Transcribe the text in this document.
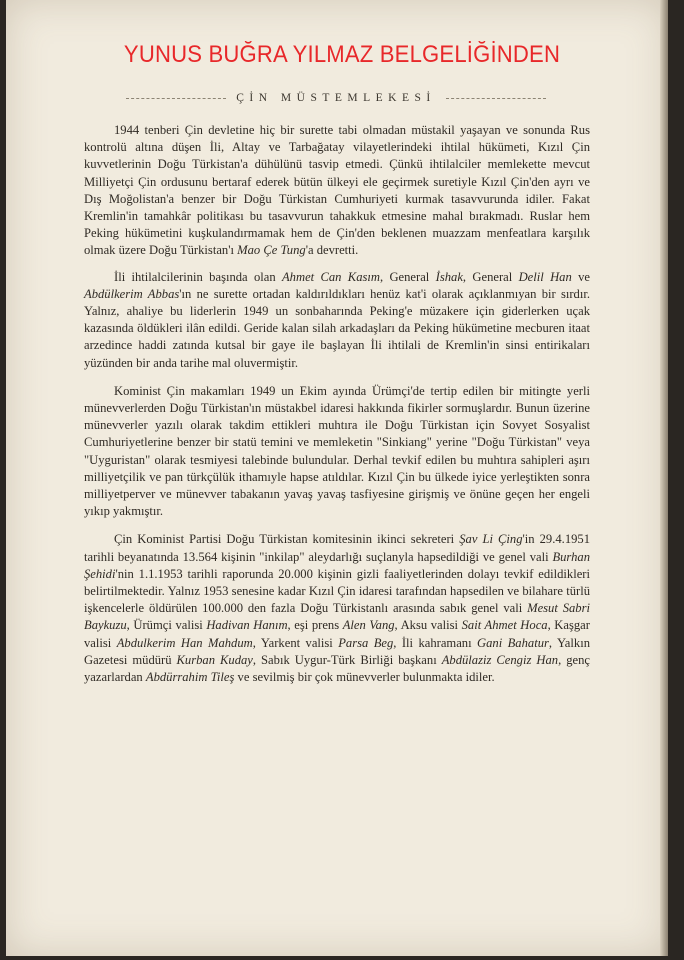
YUNUS BUĞRA YILMAZ BELGELİĞİNDEN
ÇİN MÜSTEMLEKESİ

1944 tenberi Çin devletine hiç bir surette tabi olmadan müstakil yaşayan ve sonunda Rus kontrolü altına düşen İli, Altay ve Tarbağatay vilayetlerindeki ihtilal hükümeti, Kızıl Çin kuvvetlerinin Doğu Türkistan'a dühülünü tasvip etmedi. Çünkü ihtilalciler memlekette mevcut Milliyetçi Çin ordusunu bertaraf ederek bütün ülkeyi ele geçirmek suretiyle Kızıl Çin'den ayrı ve Dış Moğolistan'a benzer bir Doğu Türkistan Cumhuriyeti kurmak tasavvurunda idiler. Fakat Kremlin'in tamahkâr politikası bu tasavvurun tahakkuk etmesine mahal bırakmadı. Ruslar hem Peking hükümetini kuşkulandırmamak hem de Çin'den beklenen muazzam menfeatlara karşılık olmak üzere Doğu Türkistan'ı Mao Çe Tung'a devretti.

İli ihtilalcilerinin başında olan Ahmet Can Kasım, General İshak, General Delil Han ve Abdülkerim Abbas'ın ne surette ortadan kaldırıldıkları henüz kat'i olarak açıklanmıyan bir sırdır. Yalnız, ahaliye bu liderlerin 1949 un sonbaharında Peking'e müzakere için giderlerken uçak kazasında öldükleri ilân edildi. Geride kalan silah arkadaşları da Peking hükümetine mecburen itaat arzedince haddi zatında kutsal bir gaye ile başlayan İli ihtilali de Kremlin'in sinsi entirikaları yüzünden bir anda tarihe mal oluvermiştir.

Kominist Çin makamları 1949 un Ekim ayında Ürümçi'de tertip edilen bir mitingte yerli münevverlerden Doğu Türkistan'ın müstakbel idaresi hakkında fikirler sormuşlardır. Bunun üzerine münevverler yazılı olarak takdim ettikleri muhtıra ile Doğu Türkistan için Sovyet Sosyalist Cumhuriyetlerine benzer bir statü temini ve memleketin "Sinkiang" yerine "Doğu Türkistan" veya "Uyguristan" olarak tesmiyesi talebinde bulundular. Derhal tevkif edilen bu muhtıra sahipleri aşırı milliyetçilik ve pan türkçülük ithamıyle hapse atıldılar. Kızıl Çin bu ülkede iyice yerleştikten sonra milliyetperver ve münevver tabakanın yavaş yavaş tasfiyesine girişmiş ve önüne geçen her engeli yıkıp yakmıştır.

Çin Kominist Partisi Doğu Türkistan komitesinin ikinci sekreteri Şav Li Çing'in 29.4.1951 tarihli beyanatında 13.564 kişinin "inkilap" aleydarlığı suçlanyla hapsedildiği ve genel vali Burhan Şehidi'nin 1.1.1953 tarihli raporunda 20.000 kişinin gizli faaliyetlerinden dolayı tevkif edildikleri belirtilmektedir. Yalnız 1953 senesine kadar Kızıl Çin idaresi tarafından hapsedilen ve bilahare türlü işkencelerle öldürülen 100.000 den fazla Doğu Türkistanlı arasında sabık genel vali Mesut Sabri Baykuzu, Ürümçi valisi Hadivan Hanım, eşi prens Alen Vang, Aksu valisi Sait Ahmet Hoca, Kaşgar valisi Abdulkerim Han Mahdum, Yarkent valisi Parsa Beg, İli kahramanı Gani Bahatur, Yalkın Gazetesi müdürü Kurban Kuday, Sabık Uygur-Türk Birliği başkanı Abdülaziz Cengiz Han, genç yazarlardan Abdürrahim Tileş ve sevilmiş bir çok münevverler bulunmakta idiler.
